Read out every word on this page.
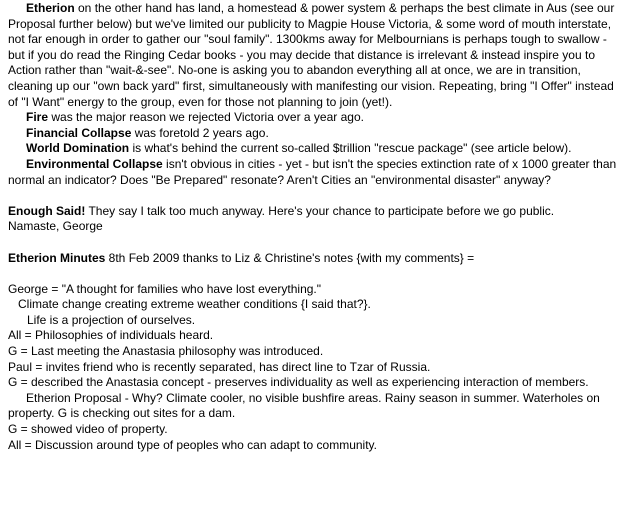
Etherion on the other hand has land, a homestead & power system & perhaps the best climate in Aus (see our Proposal further below) but we've limited our publicity to Magpie House Victoria, & some word of mouth interstate, not far enough in order to gather our "soul family". 1300kms away for Melbournians is perhaps tough to swallow - but if you do read the Ringing Cedar books - you may decide that distance is irrelevant & instead inspire you to Action rather than "wait-&-see". No-one is asking you to abandon everything all at once, we are in transition, cleaning up our "own back yard" first, simultaneously with manifesting our vision. Repeating, bring "I Offer" instead of "I Want" energy to the group, even for those not planning to join (yet!).

Fire was the major reason we rejected Victoria over a year ago.

Financial Collapse was foretold 2 years ago.

World Domination is what's behind the current so-called $trillion "rescue package" (see article below).

Environmental Collapse isn't obvious in cities - yet - but isn't the species extinction rate of x 1000 greater than normal an indicator? Does "Be Prepared" resonate? Aren't Cities an "environmental disaster" anyway?

Enough Said! They say I talk too much anyway. Here's your chance to participate before we go public.

Namaste, George

Etherion Minutes 8th Feb 2009 thanks to Liz & Christine's notes {with my comments} =

George = "A thought for families who have lost everything."

Climate change creating extreme weather conditions {I said that?}.

Life is a projection of ourselves.

All = Philosophies of individuals heard.

G = Last meeting the Anastasia philosophy was introduced.

Paul = invites friend who is recently separated, has direct line to Tzar of Russia.

G = described the Anastasia concept - preserves individuality as well as experiencing interaction of members.

Etherion Proposal - Why? Climate cooler, no visible bushfire areas. Rainy season in summer. Waterholes on property. G is checking out sites for a dam.

G = showed video of property.

All = Discussion around type of peoples who can adapt to community.
